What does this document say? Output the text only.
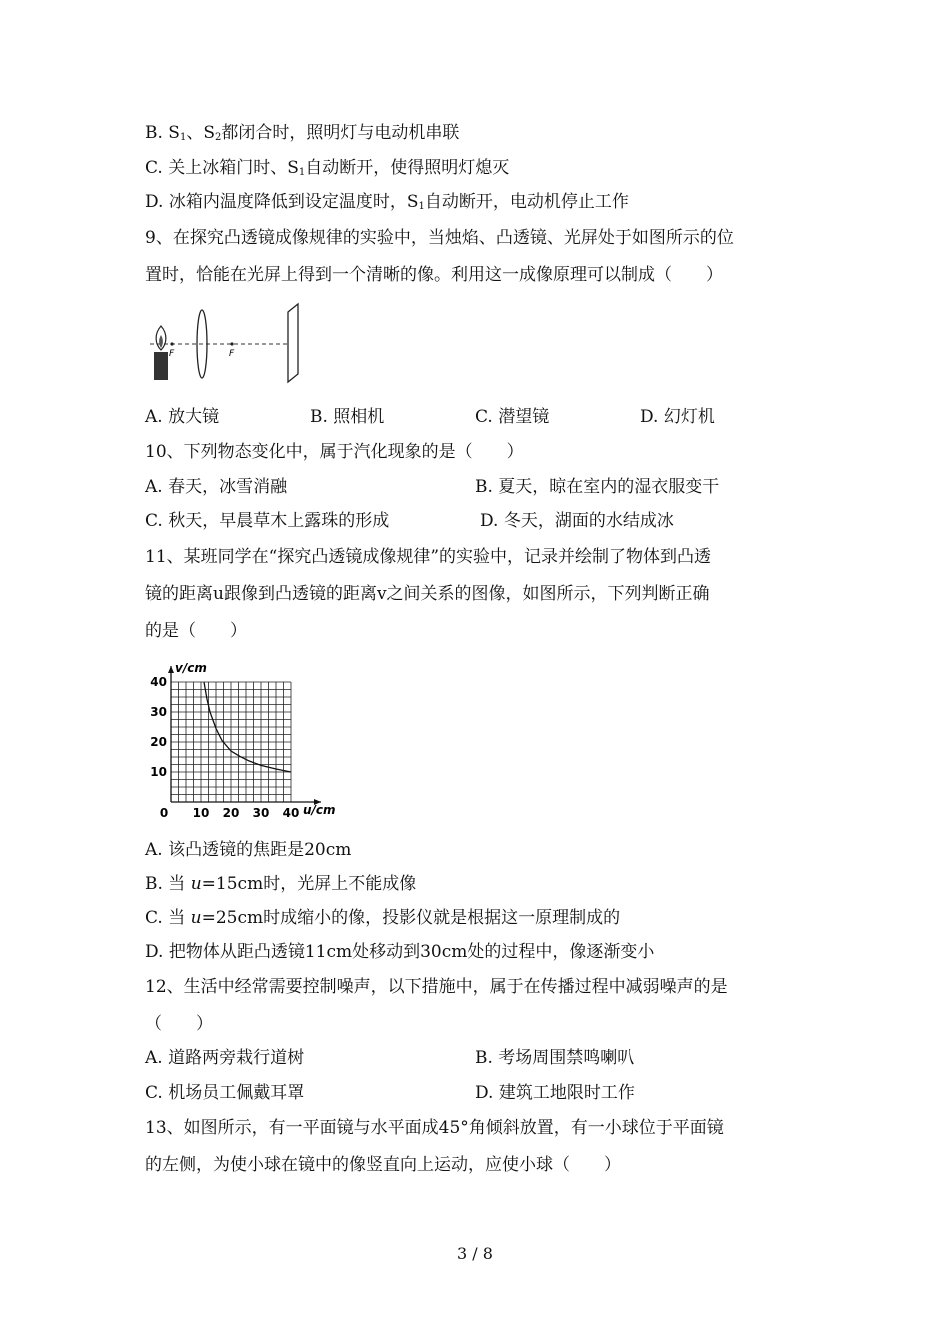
B. $S_1$、$S_2$都闭合时，照明灯与电动机串联
C. 关上冰箱门时、$S_1$自动断开，使得照明灯熄灭
D. 冰箱内温度降低到设定温度时，$S_1$自动断开，电动机停止工作
9、在探究凸透镜成像规律的实验中，当烛焰、凸透镜、光屏处于如图所示的位
置时，恰能在光屏上得到一个清晰的像。利用这一成像原理可以制成（　　）
F	F
A. 放大镜	B. 照相机	C. 潜望镜	D. 幻灯机
10、下列物态变化中，属于汽化现象的是（　　）
A. 春天，冰雪消融	B. 夏天，晾在室内的湿衣服变干
C. 秋天，早晨草木上露珠的形成	D. 冬天，湖面的水结成冰
11、某班同学在“探究凸透镜成像规律”的实验中，记录并绘制了物体到凸透
镜的距离u跟像到凸透镜的距离v之间关系的图像，如图所示，下列判断正确
的是（　　）
10 20 30 40
10
20
30
40
0	u/cm
v/cm
A. 该凸透镜的焦距是20cm
B. 当 u=15cm时，光屏上不能成像
C. 当 u=25cm时成缩小的像，投影仪就是根据这一原理制成的
D. 把物体从距凸透镜11cm处移动到30cm处的过程中，像逐渐变小
12、生活中经常需要控制噪声，以下措施中，属于在传播过程中减弱噪声的是
（　　）
A. 道路两旁栽行道树	B. 考场周围禁鸣喇叭
C. 机场员工佩戴耳罩	D. 建筑工地限时工作
13、如图所示，有一平面镜与水平面成45°角倾斜放置，有一小球位于平面镜
的左侧，为使小球在镜中的像竖直向上运动，应使小球（　　）
3 / 8
